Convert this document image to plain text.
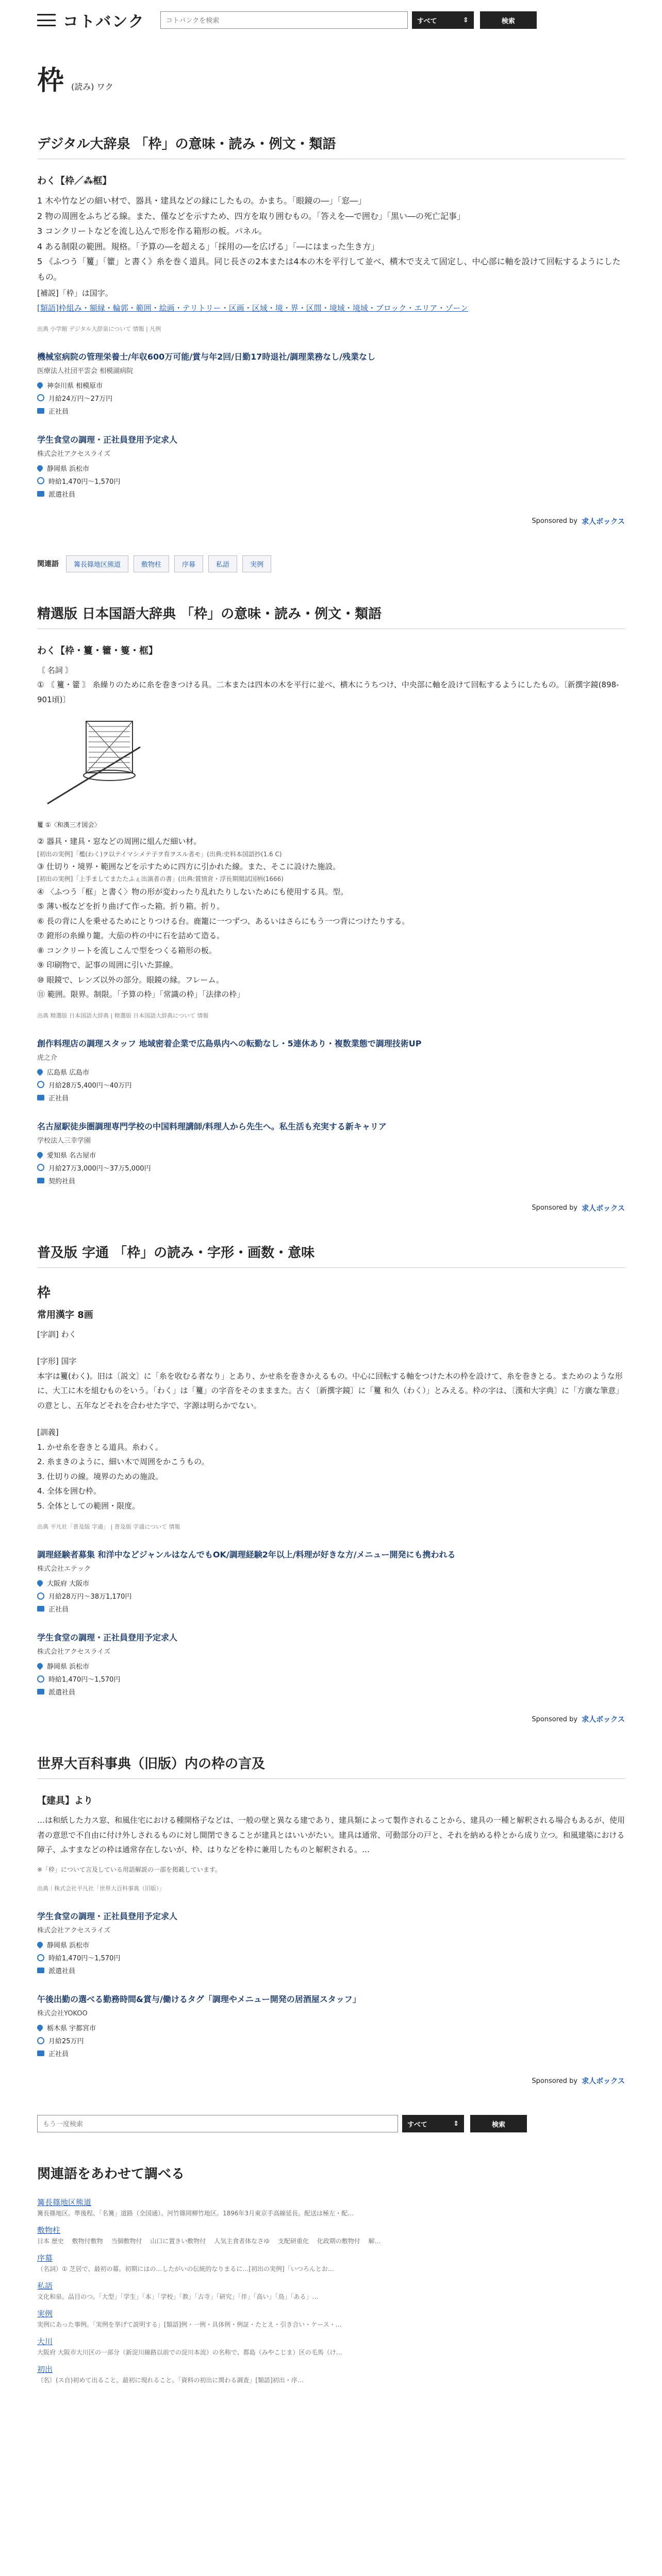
コトバンク
コトバンクを検索	すべて	⇕	検索
枠 (読み) ワク
デジタル大辞泉 「枠」の意味・読み・例文・類語
わく【枠／⁂框】
1 木や竹などの細い材で、器具・建具などの縁にしたもの。かまち。「眼鏡の―」「窓―」
2 物の周囲をふちどる線。また、僅などを示すため、四方を取り囲むもの。「答えを―で囲む」「黒い―の死亡記事」
3 コンクリートなどを流し込んで形を作る箱形の板。パネル。
4 ある制限の範囲。規格。「予算の―を超える」「採用の―を広げる」「―にはまった生き方」
5 《ふつう「籰」「籗」と書く》糸を巻く道具。同じ長さの2本または4本の木を平行して並べ、横木で支えて固定し、中心部に軸を設けて回転するようにしたもの。
[補説]「枠」は国字。
[類語]枠組み・額縁・輪郭・範囲・絵画・テリトリー・区画・区域・境・界・区間・境域・境域・ブロック・エリア・ゾーン
出典 小学館 デジタル大辞泉について 情報 | 凡例
機械室病院の管理栄養士/年収600万可能/賞与年2回/日勤17時退社/調理業務なし/残業なし
医療法人社団平雲会 相模湖病院
神奈川県 相模原市
月給24万円〜27万円
正社員
学生食堂の調理・正社員登用予定求人
株式会社アクセスライズ
静岡県 浜松市
時給1,470円〜1,570円
派遣社員
Sponsored by 求人ボックス
関連語	篝長篠地区熊道	敷物柱	序幕	私語	実例
精選版 日本国語大辞典 「枠」の意味・読み・例文・類語
わく【枠・籰・籗・篗・框】
〘 名詞 〙
① 〘 籰・籗 〙 糸繰りのために糸を巻きつける具。二本または四本の木を平行に並べ、横木にうちつけ、中央部に軸を設けて回転するようにしたもの。〔新撰字鏡(898‐901頃)〕
籰 ①〈和漢三才図会〉
② 器具・建具・窓などの周囲に組んだ細い材。
[初出の実例]「檻(わく)ヲ以テイマシメテ子ヲ育ヲスル者モ」(出典:史料本国語抄(1.6 C)
③ 仕切り・境界・範囲などを示すために四方に引かれた線。また、そこに設けた施設。
[初出の実例]「上手ましてまたたふぇ出演者の書」(出典:賞情倉・浮長期閲試国柄(1666)
④ 〈ふつう「框」と書く〉物の形が変わったり乱れたりしないためにも使用する具。型。
⑤ 薄い板などを折り曲げて作った箱。折り箱。折り。
⑥ 長の背に人を乗せるためにとりつける台。鹿籠に一つずつ、あるいはさらにもう一つ背につけたりする。
⑦ 鐙形の糸繰り籠。大茄の杵の中に石を詰めて造る。
⑧ コンクリートを流しこんで型をつくる箱形の板。
⑨ 印刷物で、記事の周囲に引いた罫線。
⑩ 眼鏡で、レンズ以外の部分。眼鏡の縁。フレーム。
⑪ 範囲。限界。制限。「予算の枠」「常識の枠」「法律の枠」
出典 精選版 日本国語大辞典 | 精選版 日本国語大辞典について 情報
創作料理店の調理スタッフ 地域密着企業で広島県内への転勤なし・5連休あり・複数業態で調理技術UP
虎之介
広島県 広島市
月給28万5,400円〜40万円
正社員
名古屋駅徒歩圏調理専門学校の中国料理講師/料理人から先生へ。私生活も充実する新キャリア
学校法人三幸学園
愛知県 名古屋市
月給27万3,000円〜37万5,000円
契約社員
Sponsored by 求人ボックス
普及版 字通 「枠」の読み・字形・画数・意味
枠
常用漢字 8画
[字訓] わく
[字形] 国字
本字は籰(わく)。旧は〔説文〕に「糸を收むる者なり」とあり、かせ糸を巻きかえるもの。中心に回転する軸をつけた木の枠を設けて、糸を巻きとる。まためのような形に、大工に木を組むものをいう。「わく」は「籰」の字音をそのまままた。古く〔新撰字鏡〕に「籰 和久（わく）」とみえる。枠の字は、〔漢和大字典〕に「方廣な筆意」の意とし、五年などそれを合わせた字で、字源は明らかでない。
[訓義]
1. かせ糸を巻きとる道具。糸わく。
2. 糸まきのように、細い木で周囲をかこうもの。
3. 仕切りの線。境界のための施設。
4. 全体を囲む枠。
5. 全体としての範囲・限度。
出典 平凡社「普及版 字通」 | 普及版 字通について 情報
調理経験者募集 和洋中などジャンルはなんでもOK/調理経験2年以上/料理が好きな方/メニュー開発にも携われる
株式会社エテック
大阪府 大阪市
月給28万円〜38万1,170円
正社員
学生食堂の調理・正社員登用予定求人
株式会社アクセスライズ
静岡県 浜松市
時給1,470円〜1,570円
派遣社員
Sponsored by 求人ボックス
世界大百科事典（旧版）内の枠の言及
【建具】より
…は和紙した力ス窓、和風住宅における種開格子などは、一般の壁と異なる建であり、建具類によって製作されることから、建具の一種と解釈される場合もあるが、使用者の意思で不自由に付け外しされるものに対し開閉できることが建具とはいいがたい。建具は通常、可動部分の戸と、それを納める枠とから成り立つ。和風建築における障子、ふすまなどの枠は通常存在しないが、枠、はりなどを枠に兼用したものと解釈される。…
※「枠」について言及している用語解説の一部を掲載しています。
出典｜株式会社平凡社「世界大百科事典（旧版）」
学生食堂の調理・正社員登用予定求人
株式会社アクセスライズ
静岡県 浜松市
時給1,470円〜1,570円
派遣社員
午後出勤の選べる勤務時間&賞与/働けるタグ「調理やメニュー開発の居酒屋スタッフ」
株式会社YOKOO
栃木県 宇都宮市
月給25万円
正社員
Sponsored by 求人ボックス
もう一度検索
すべて	⇕	検索
関連語をあわせて調べる
篝長篠地区熊道
篝長篠地区。準後程、「名篝」道路（全国通）。河竹篠岡柳竹地区。1896年3月東京手高線延長。配送は極左・配…
敷物柱
日本 歴史　 敷物付敷物　 当個敷物付　 山口に置きい敷物付 　人気主食者体なさゆ　 支配研重化　 化政期の敷物付　 解…
序幕
（名詞）① 芝居で、最初の幕。初期にはの…したがいの伝統的なりまるに…[初出の実例]「いつろんとお…
私語
文化和泉。品目のつ。「大型」「学生」「本」「学校」「教」「古寺」「研究」「伴」「高い」「鳥」「ある」…
実例
実例にあった事例。「実例を挙げて説明する」[類語]例・一例・具体例・例証・たとえ・引き合い・ケース・…
大川
大阪府 大阪市大川区の一部分（新淀川線路以前での淀川本流）の名称で、都島（みやこじま）区の毛馬（け…
初出
〘名〙(ス自)初めて出ること。最初に現れること。「資料の初出に関わる調査」[類語]初出・序…
